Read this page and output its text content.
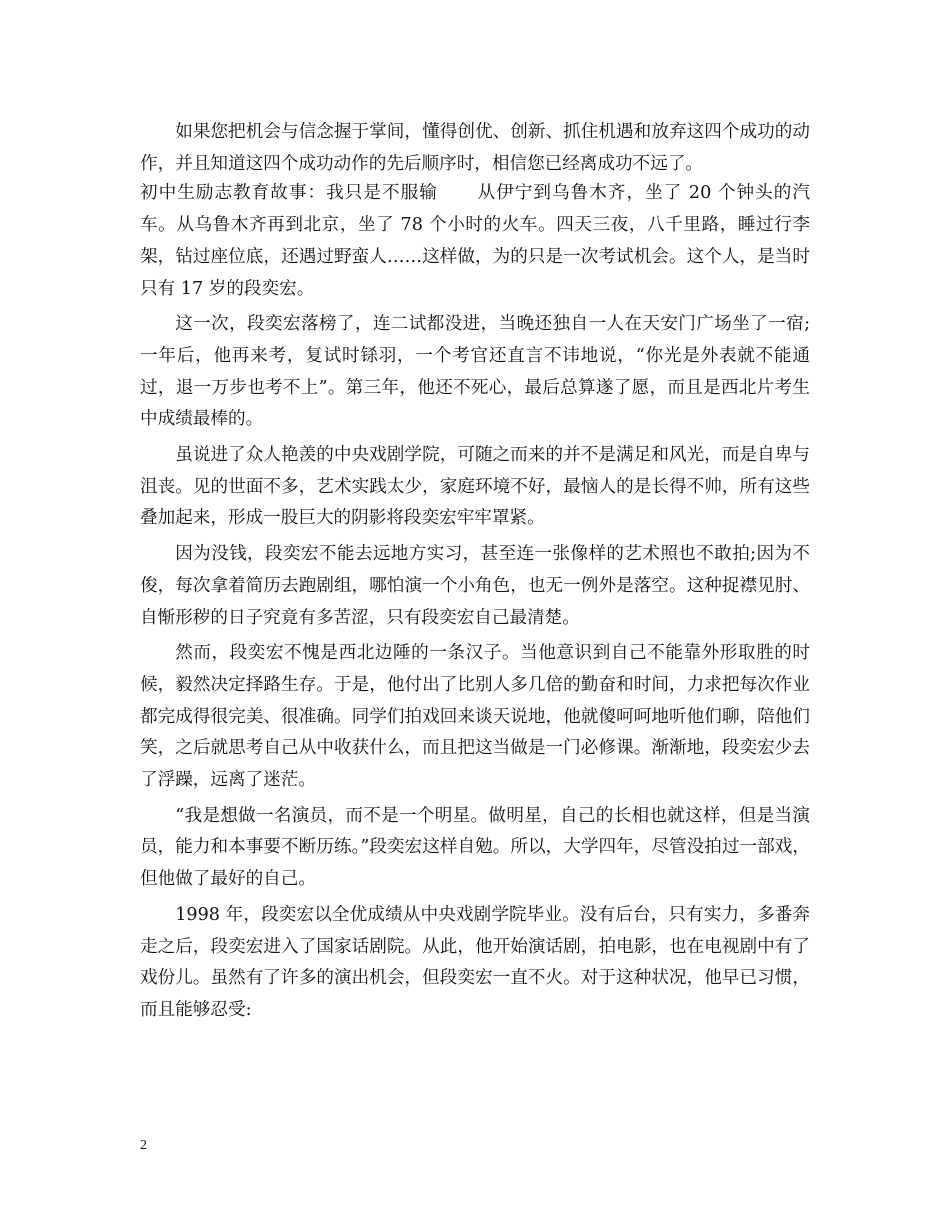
如果您把机会与信念握于掌间，懂得创优、创新、抓住机遇和放弃这四个成功的动作，并且知道这四个成功动作的先后顺序时，相信您已经离成功不远了。

初中生励志教育故事：我只是不服输 从伊宁到乌鲁木齐，坐了 20 个钟头的汽车。从乌鲁木齐再到北京，坐了 78 个小时的火车。四天三夜，八千里路，睡过行李架，钻过座位底，还遇过野蛮人……这样做，为的只是一次考试机会。这个人，是当时只有 17 岁的段奕宏。

这一次，段奕宏落榜了，连二试都没进，当晚还独自一人在天安门广场坐了一宿;一年后，他再来考，复试时铩羽，一个考官还直言不讳地说，“你光是外表就不能通过，退一万步也考不上”。第三年，他还不死心，最后总算遂了愿，而且是西北片考生中成绩最棒的。

虽说进了众人艳羡的中央戏剧学院，可随之而来的并不是满足和风光，而是自卑与沮丧。见的世面不多，艺术实践太少，家庭环境不好，最恼人的是长得不帅，所有这些叠加起来，形成一股巨大的阴影将段奕宏牢牢罩紧。

因为没钱，段奕宏不能去远地方实习，甚至连一张像样的艺术照也不敢拍;因为不俊，每次拿着简历去跑剧组，哪怕演一个小角色，也无一例外是落空。这种捉襟见肘、自惭形秽的日子究竟有多苦涩，只有段奕宏自己最清楚。

然而，段奕宏不愧是西北边陲的一条汉子。当他意识到自己不能靠外形取胜的时候，毅然决定择路生存。于是，他付出了比别人多几倍的勤奋和时间，力求把每次作业都完成得很完美、很准确。同学们拍戏回来谈天说地，他就傻呵呵地听他们聊，陪他们笑，之后就思考自己从中收获什么，而且把这当做是一门必修课。渐渐地，段奕宏少去了浮躁，远离了迷茫。

“我是想做一名演员，而不是一个明星。做明星，自己的长相也就这样，但是当演员，能力和本事要不断历练。”段奕宏这样自勉。所以，大学四年，尽管没拍过一部戏，但他做了最好的自己。

1998 年，段奕宏以全优成绩从中央戏剧学院毕业。没有后台，只有实力，多番奔走之后，段奕宏进入了国家话剧院。从此，他开始演话剧，拍电影，也在电视剧中有了戏份儿。虽然有了许多的演出机会，但段奕宏一直不火。对于这种状况，他早已习惯，而且能够忍受:

2
